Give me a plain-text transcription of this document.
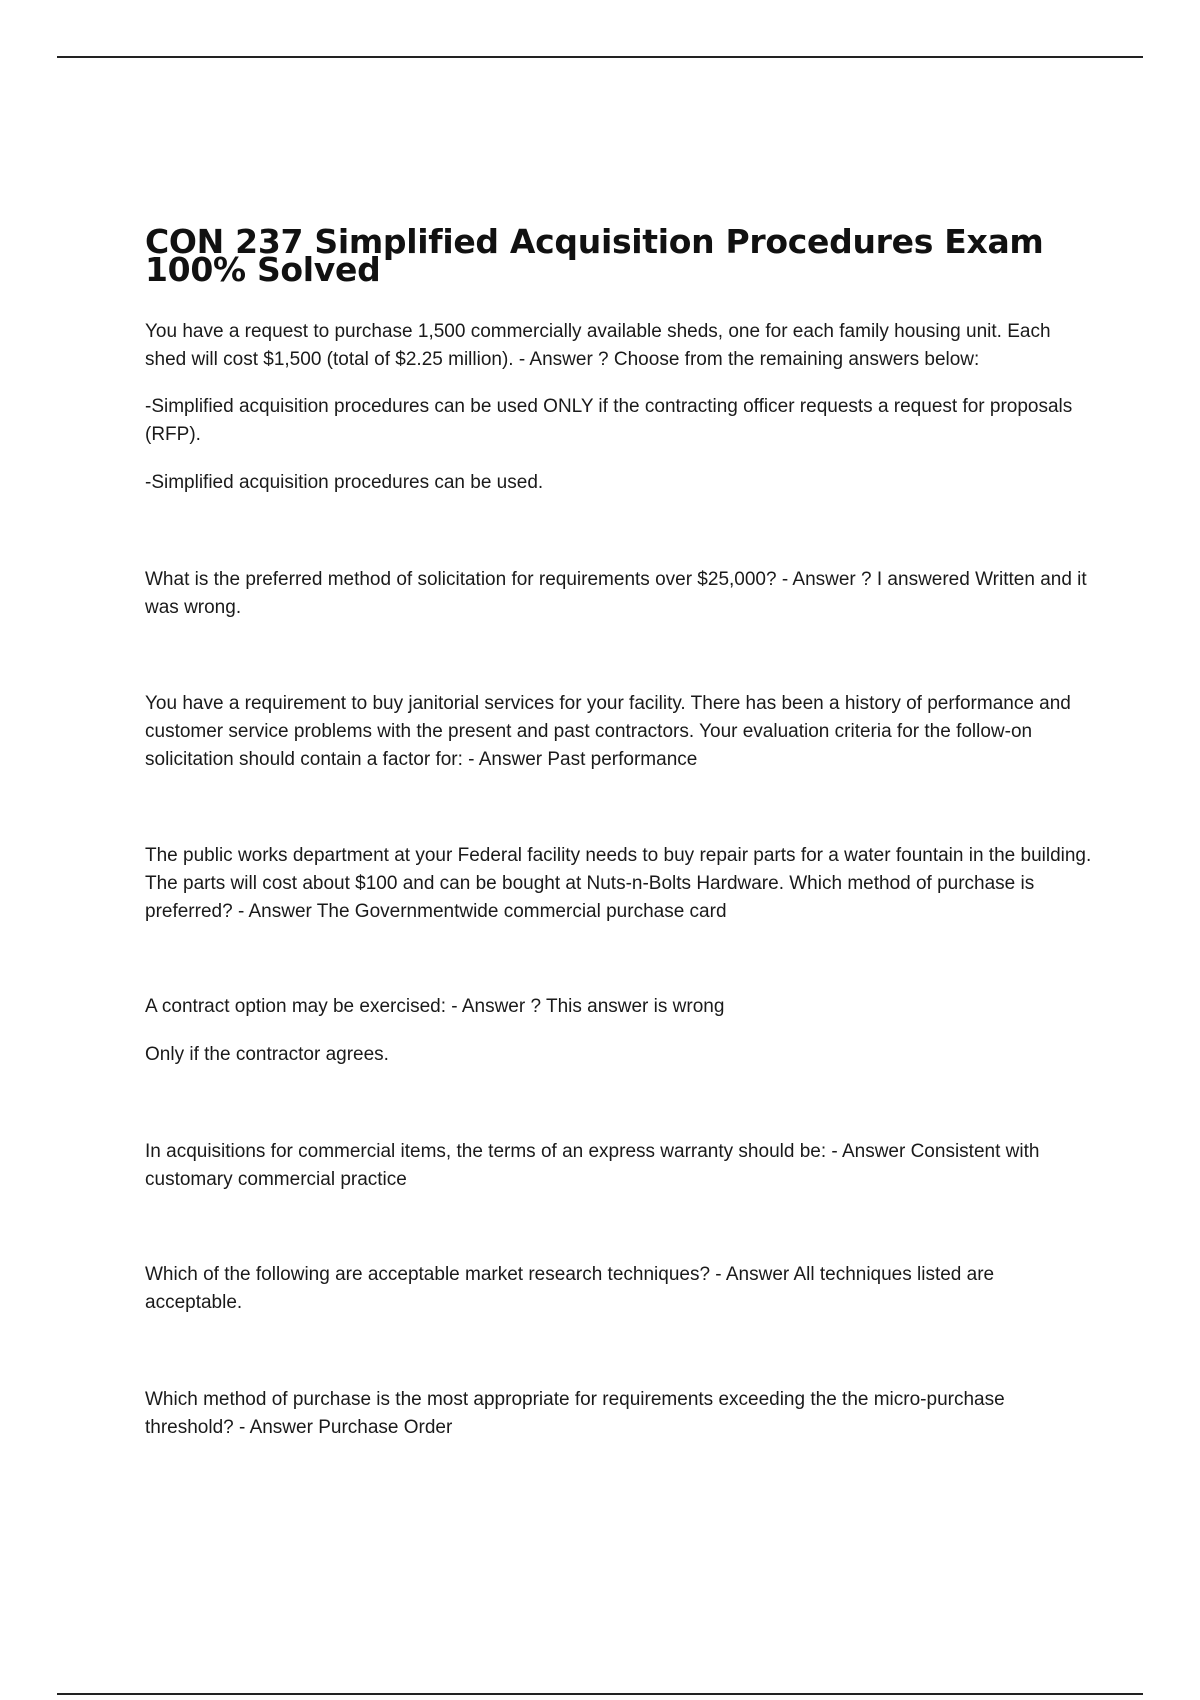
CON 237 Simplified Acquisition Procedures Exam 100% Solved

You have a request to purchase 1,500 commercially available sheds, one for each family housing unit. Each shed will cost $1,500 (total of $2.25 million). - Answer ? Choose from the remaining answers below:

-Simplified acquisition procedures can be used ONLY if the contracting officer requests a request for proposals (RFP).

-Simplified acquisition procedures can be used.

What is the preferred method of solicitation for requirements over $25,000? - Answer ? I answered Written and it was wrong.

You have a requirement to buy janitorial services for your facility. There has been a history of performance and customer service problems with the present and past contractors. Your evaluation criteria for the follow-on solicitation should contain a factor for: - Answer Past performance

The public works department at your Federal facility needs to buy repair parts for a water fountain in the building. The parts will cost about $100 and can be bought at Nuts-n-Bolts Hardware. Which method of purchase is preferred? - Answer The Governmentwide commercial purchase card

A contract option may be exercised: - Answer ? This answer is wrong

Only if the contractor agrees.

In acquisitions for commercial items, the terms of an express warranty should be: - Answer Consistent with customary commercial practice

Which of the following are acceptable market research techniques? - Answer All techniques listed are acceptable.

Which method of purchase is the most appropriate for requirements exceeding the the micro-purchase threshold? - Answer Purchase Order
